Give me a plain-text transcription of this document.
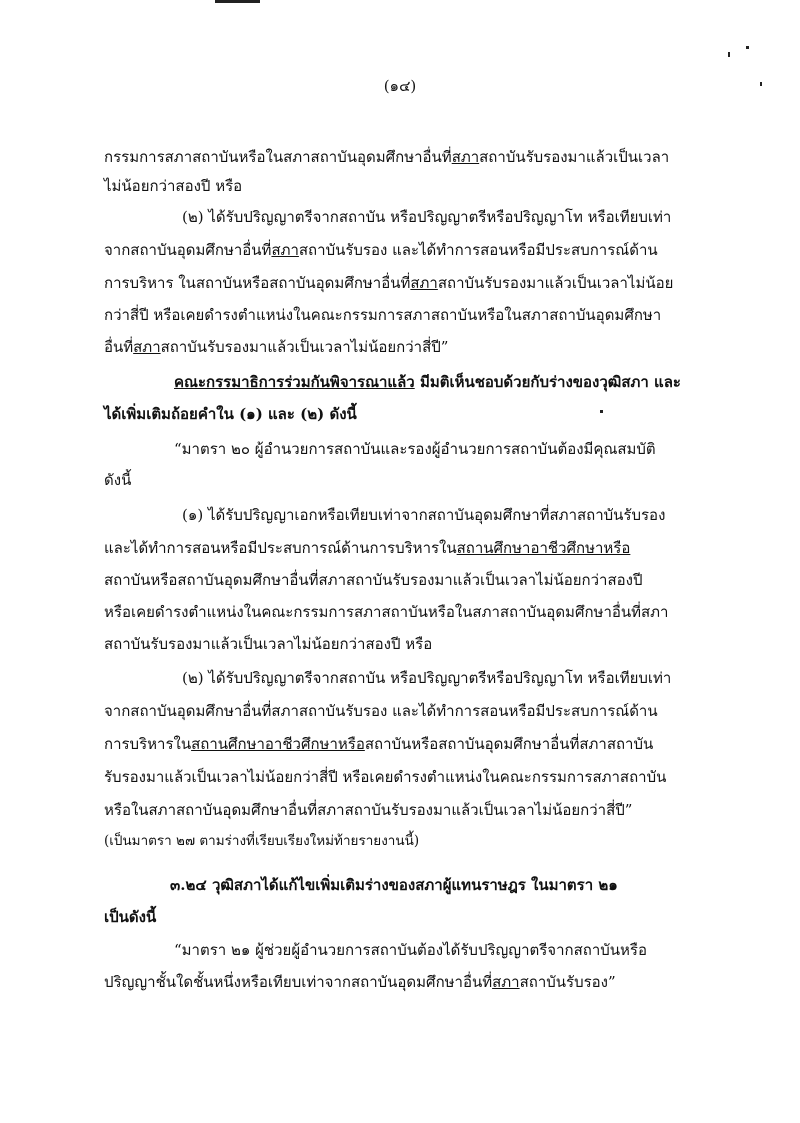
(๑๔)
กรรมการสภาสถาบันหรือในสภาสถาบันอุดมศึกษาอื่นที่สภาสถาบันรับรองมาแล้วเป็นเวลา
ไม่น้อยกว่าสองปี หรือ
(๒) ได้รับปริญญาตรีจากสถาบัน หรือปริญญาตรีหรือปริญญาโท หรือเทียบเท่า
จากสถาบันอุดมศึกษาอื่นที่สภาสถาบันรับรอง และได้ทำการสอนหรือมีประสบการณ์ด้าน
การบริหาร ในสถาบันหรือสถาบันอุดมศึกษาอื่นที่สภาสถาบันรับรองมาแล้วเป็นเวลาไม่น้อย
กว่าสี่ปี หรือเคยดำรงตำแหน่งในคณะกรรมการสภาสถาบันหรือในสภาสถาบันอุดมศึกษา
อื่นที่สภาสถาบันรับรองมาแล้วเป็นเวลาไม่น้อยกว่าสี่ปี”
คณะกรรมาธิการร่วมกันพิจารณาแล้ว มีมติเห็นชอบด้วยกับร่างของวุฒิสภา และ
ได้เพิ่มเติมถ้อยคำใน (๑) และ (๒) ดังนี้
“มาตรา ๒๐ ผู้อำนวยการสถาบันและรองผู้อำนวยการสถาบันต้องมีคุณสมบัติ
ดังนี้
(๑) ได้รับปริญญาเอกหรือเทียบเท่าจากสถาบันอุดมศึกษาที่สภาสถาบันรับรอง
และได้ทำการสอนหรือมีประสบการณ์ด้านการบริหารในสถานศึกษาอาชีวศึกษาหรือ
สถาบันหรือสถาบันอุดมศึกษาอื่นที่สภาสถาบันรับรองมาแล้วเป็นเวลาไม่น้อยกว่าสองปี
หรือเคยดำรงตำแหน่งในคณะกรรมการสภาสถาบันหรือในสภาสถาบันอุดมศึกษาอื่นที่สภา
สถาบันรับรองมาแล้วเป็นเวลาไม่น้อยกว่าสองปี หรือ
(๒) ได้รับปริญญาตรีจากสถาบัน หรือปริญญาตรีหรือปริญญาโท หรือเทียบเท่า
จากสถาบันอุดมศึกษาอื่นที่สภาสถาบันรับรอง และได้ทำการสอนหรือมีประสบการณ์ด้าน
การบริหารในสถานศึกษาอาชีวศึกษาหรือสถาบันหรือสถาบันอุดมศึกษาอื่นที่สภาสถาบัน
รับรองมาแล้วเป็นเวลาไม่น้อยกว่าสี่ปี หรือเคยดำรงตำแหน่งในคณะกรรมการสภาสถาบัน
หรือในสภาสถาบันอุดมศึกษาอื่นที่สภาสถาบันรับรองมาแล้วเป็นเวลาไม่น้อยกว่าสี่ปี”
(เป็นมาตรา ๒๗ ตามร่างที่เรียบเรียงใหม่ท้ายรายงานนี้)
๓.๒๔ วุฒิสภาได้แก้ไขเพิ่มเติมร่างของสภาผู้แทนราษฎร ในมาตรา ๒๑
เป็นดังนี้
“มาตรา ๒๑ ผู้ช่วยผู้อำนวยการสถาบันต้องได้รับปริญญาตรีจากสถาบันหรือ
ปริญญาชั้นใดชั้นหนึ่งหรือเทียบเท่าจากสถาบันอุดมศึกษาอื่นที่สภาสถาบันรับรอง”
